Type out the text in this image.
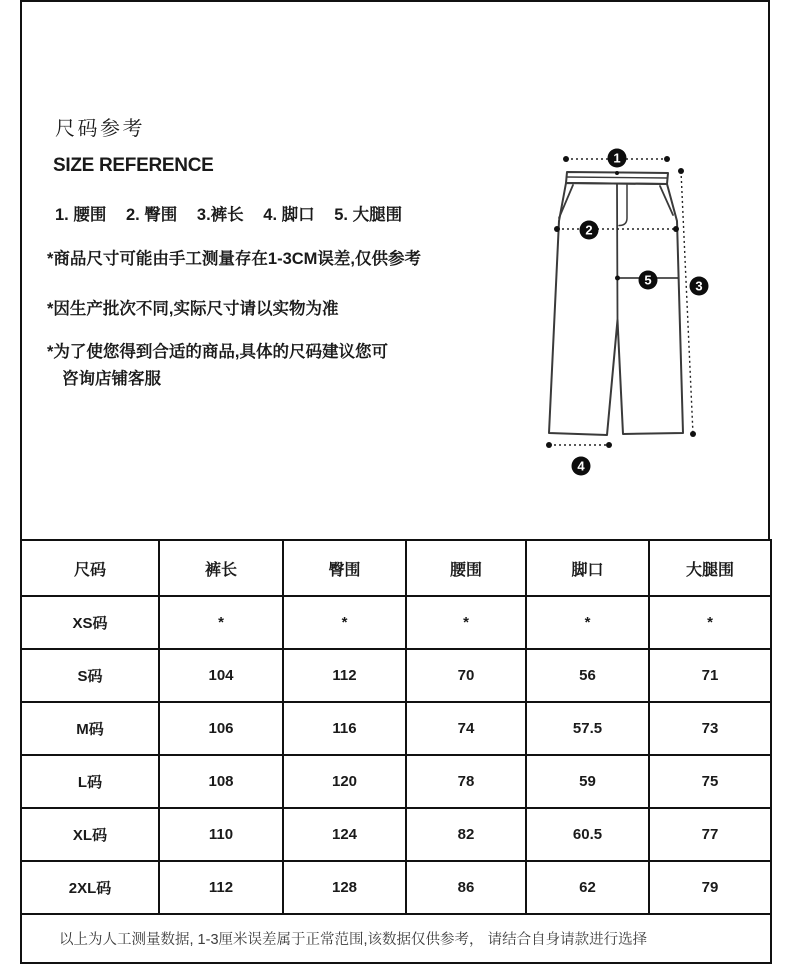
尺码参考
SIZE REFERENCE
1. 腰围 2. 臀围 3.裤长 4. 脚口 5. 大腿围
*商品尺寸可能由手工测量存在1-3CM误差,仅供参考
*因生产批次不同,实际尺寸请以实物为准
*为了使您得到合适的商品,具体的尺码建议您可
咨询店铺客服
1
2
3
4
5
尺码	裤长	臀围	腰围	脚口	大腿围
XS码	*	*	*	*	*
S码	104	112	70	56	71
M码	106	116	74	57.5	73
L码	108	120	78	59	75
XL码	110	124	82	60.5	77
2XL码	112	128	86	62	79
以上为人工测量数据, 1-3厘米误差属于正常范围,该数据仅供参考， 请结合自身请款进行选择					
